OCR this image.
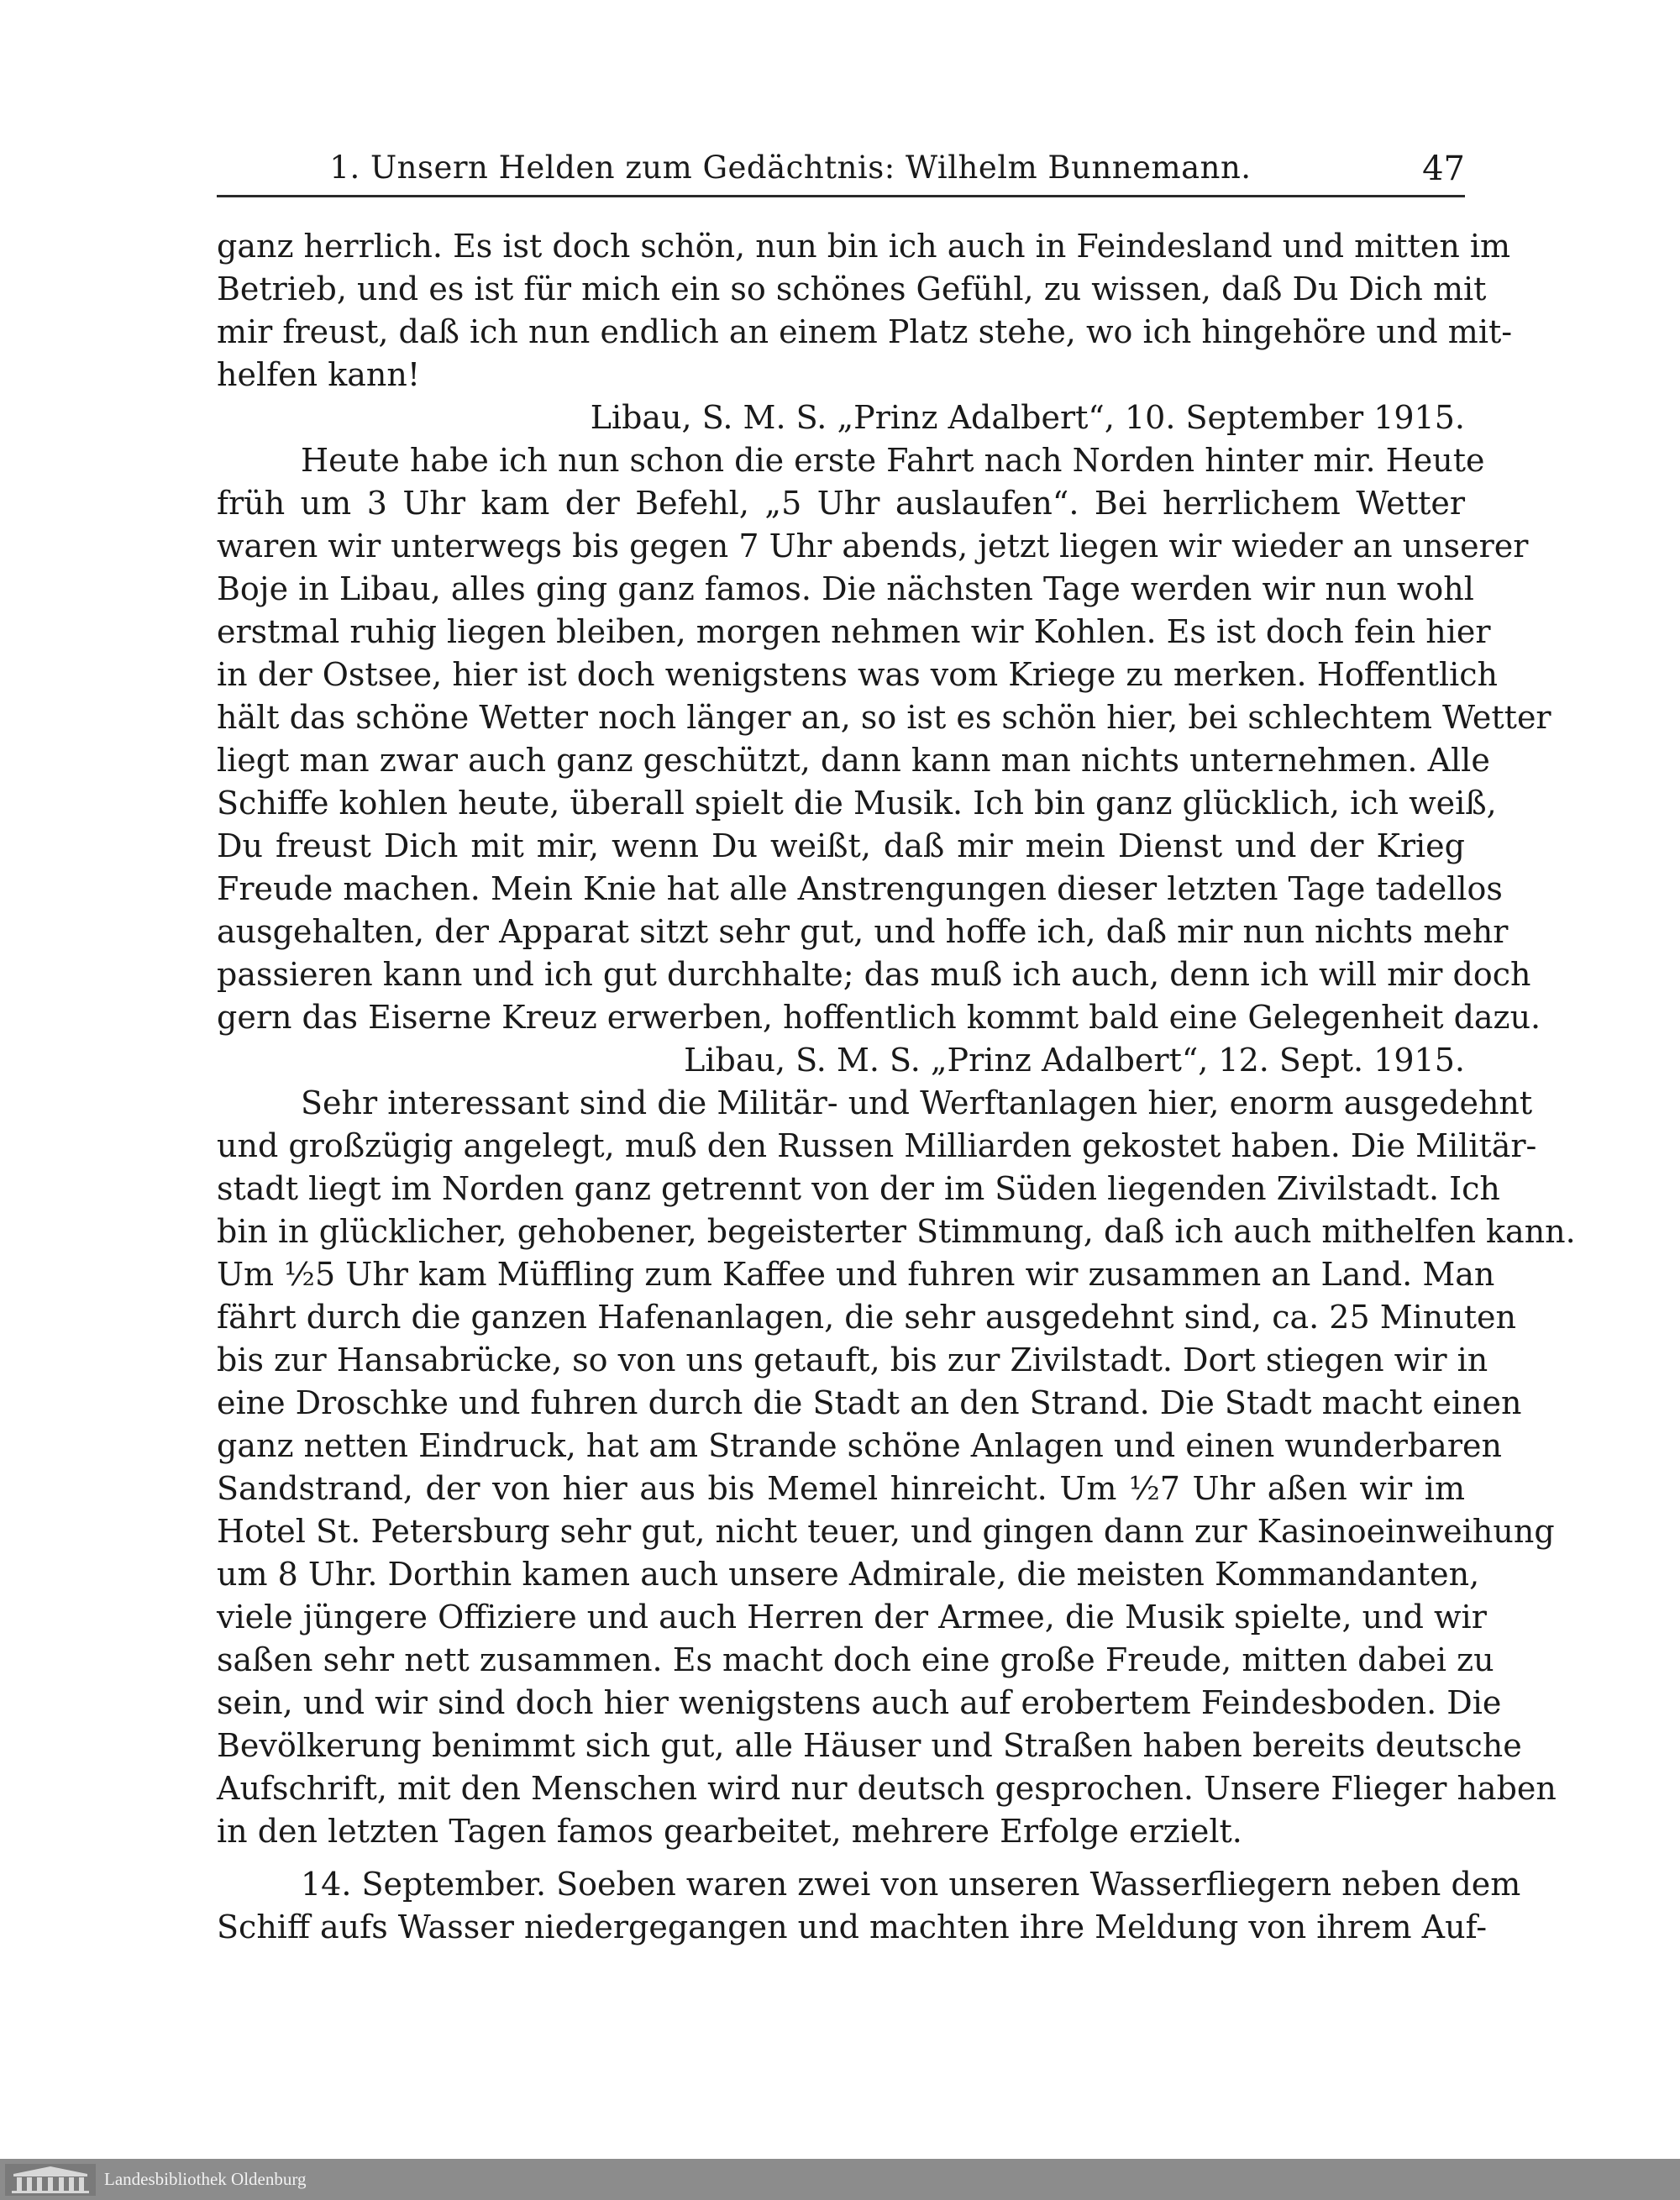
1. Unsern Helden zum Gedächtnis: Wilhelm Bunnemann.	47
ganz herrlich. Es ist doch schön, nun bin ich auch in Feindesland und mitten im
Betrieb, und es ist für mich ein so schönes Gefühl, zu wissen, daß Du Dich mit
mir freust, daß ich nun endlich an einem Platz stehe, wo ich hingehöre und mit-
helfen kann!
Libau, S. M. S. „Prinz Adalbert“, 10. September 1915.
Heute habe ich nun schon die erste Fahrt nach Norden hinter mir. Heute
früh um 3 Uhr kam der Befehl, „5 Uhr auslaufen“. Bei herrlichem Wetter
waren wir unterwegs bis gegen 7 Uhr abends, jetzt liegen wir wieder an unserer
Boje in Libau, alles ging ganz famos. Die nächsten Tage werden wir nun wohl
erstmal ruhig liegen bleiben, morgen nehmen wir Kohlen. Es ist doch fein hier
in der Ostsee, hier ist doch wenigstens was vom Kriege zu merken. Hoffentlich
hält das schöne Wetter noch länger an, so ist es schön hier, bei schlechtem Wetter
liegt man zwar auch ganz geschützt, dann kann man nichts unternehmen. Alle
Schiffe kohlen heute, überall spielt die Musik. Ich bin ganz glücklich, ich weiß,
Du freust Dich mit mir, wenn Du weißt, daß mir mein Dienst und der Krieg
Freude machen. Mein Knie hat alle Anstrengungen dieser letzten Tage tadellos
ausgehalten, der Apparat sitzt sehr gut, und hoffe ich, daß mir nun nichts mehr
passieren kann und ich gut durchhalte; das muß ich auch, denn ich will mir doch
gern das Eiserne Kreuz erwerben, hoffentlich kommt bald eine Gelegenheit dazu.
Libau, S. M. S. „Prinz Adalbert“, 12. Sept. 1915.
Sehr interessant sind die Militär- und Werftanlagen hier, enorm ausgedehnt
und großzügig angelegt, muß den Russen Milliarden gekostet haben. Die Militär-
stadt liegt im Norden ganz getrennt von der im Süden liegenden Zivilstadt. Ich
bin in glücklicher, gehobener, begeisterter Stimmung, daß ich auch mithelfen kann.
Um ½5 Uhr kam Müffling zum Kaffee und fuhren wir zusammen an Land. Man
fährt durch die ganzen Hafenanlagen, die sehr ausgedehnt sind, ca. 25 Minuten
bis zur Hansabrücke, so von uns getauft, bis zur Zivilstadt. Dort stiegen wir in
eine Droschke und fuhren durch die Stadt an den Strand. Die Stadt macht einen
ganz netten Eindruck, hat am Strande schöne Anlagen und einen wunderbaren
Sandstrand, der von hier aus bis Memel hinreicht. Um ½7 Uhr aßen wir im
Hotel St. Petersburg sehr gut, nicht teuer, und gingen dann zur Kasinoeinweihung
um 8 Uhr. Dorthin kamen auch unsere Admirale, die meisten Kommandanten,
viele jüngere Offiziere und auch Herren der Armee, die Musik spielte, und wir
saßen sehr nett zusammen. Es macht doch eine große Freude, mitten dabei zu
sein, und wir sind doch hier wenigstens auch auf erobertem Feindesboden. Die
Bevölkerung benimmt sich gut, alle Häuser und Straßen haben bereits deutsche
Aufschrift, mit den Menschen wird nur deutsch gesprochen. Unsere Flieger haben
in den letzten Tagen famos gearbeitet, mehrere Erfolge erzielt.
14. September. Soeben waren zwei von unseren Wasserfliegern neben dem
Schiff aufs Wasser niedergegangen und machten ihre Meldung von ihrem Auf-
Landesbibliothek Oldenburg
